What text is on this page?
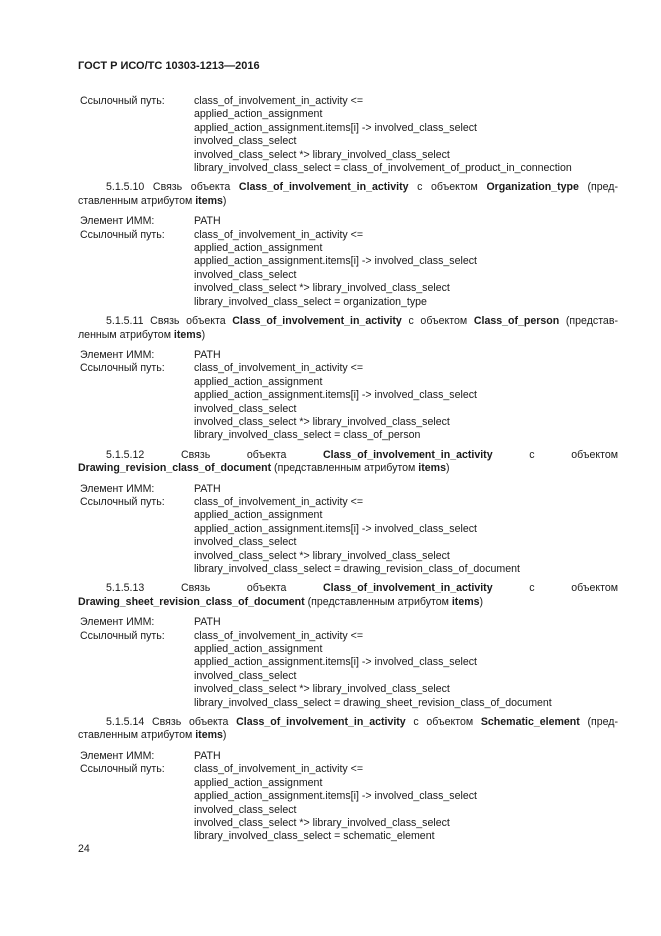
ГОСТ Р ИСО/ТС 10303-1213—2016
Ссылочный путь:	class_of_involvement_in_activity <=
applied_action_assignment
applied_action_assignment.items[i] -> involved_class_select
involved_class_select
involved_class_select *> library_involved_class_select
library_involved_class_select = class_of_involvement_of_product_in_connection
5.1.5.10 Связь объекта Class_of_involvement_in_activity с объектом Organization_type (пред-ставленным атрибутом items)
Элемент ИММ:	PATH
Ссылочный путь:	class_of_involvement_in_activity <=
applied_action_assignment
applied_action_assignment.items[i] -> involved_class_select
involved_class_select
involved_class_select *> library_involved_class_select
library_involved_class_select = organization_type
5.1.5.11 Связь объекта Class_of_involvement_in_activity с объектом Class_of_person (представ-ленным атрибутом items)
Элемент ИММ:	PATH
Ссылочный путь:	class_of_involvement_in_activity <=
applied_action_assignment
applied_action_assignment.items[i] -> involved_class_select
involved_class_select
involved_class_select *> library_involved_class_select
library_involved_class_select = class_of_person
5.1.5.12 Связь объекта Class_of_involvement_in_activity с объектом Drawing_revision_class_of_document (представленным атрибутом items)
Элемент ИММ:	PATH
Ссылочный путь:	class_of_involvement_in_activity <=
applied_action_assignment
applied_action_assignment.items[i] -> involved_class_select
involved_class_select
involved_class_select *> library_involved_class_select
library_involved_class_select = drawing_revision_class_of_document
5.1.5.13 Связь объекта Class_of_involvement_in_activity с объектом Drawing_sheet_revision_class_of_document (представленным атрибутом items)
Элемент ИММ:	PATH
Ссылочный путь:	class_of_involvement_in_activity <=
applied_action_assignment
applied_action_assignment.items[i] -> involved_class_select
involved_class_select
involved_class_select *> library_involved_class_select
library_involved_class_select = drawing_sheet_revision_class_of_document
5.1.5.14 Связь объекта Class_of_involvement_in_activity с объектом Schematic_element (пред-ставленным атрибутом items)
Элемент ИММ:	PATH
Ссылочный путь:	class_of_involvement_in_activity <=
applied_action_assignment
applied_action_assignment.items[i] -> involved_class_select
involved_class_select
involved_class_select *> library_involved_class_select
library_involved_class_select = schematic_element
24
